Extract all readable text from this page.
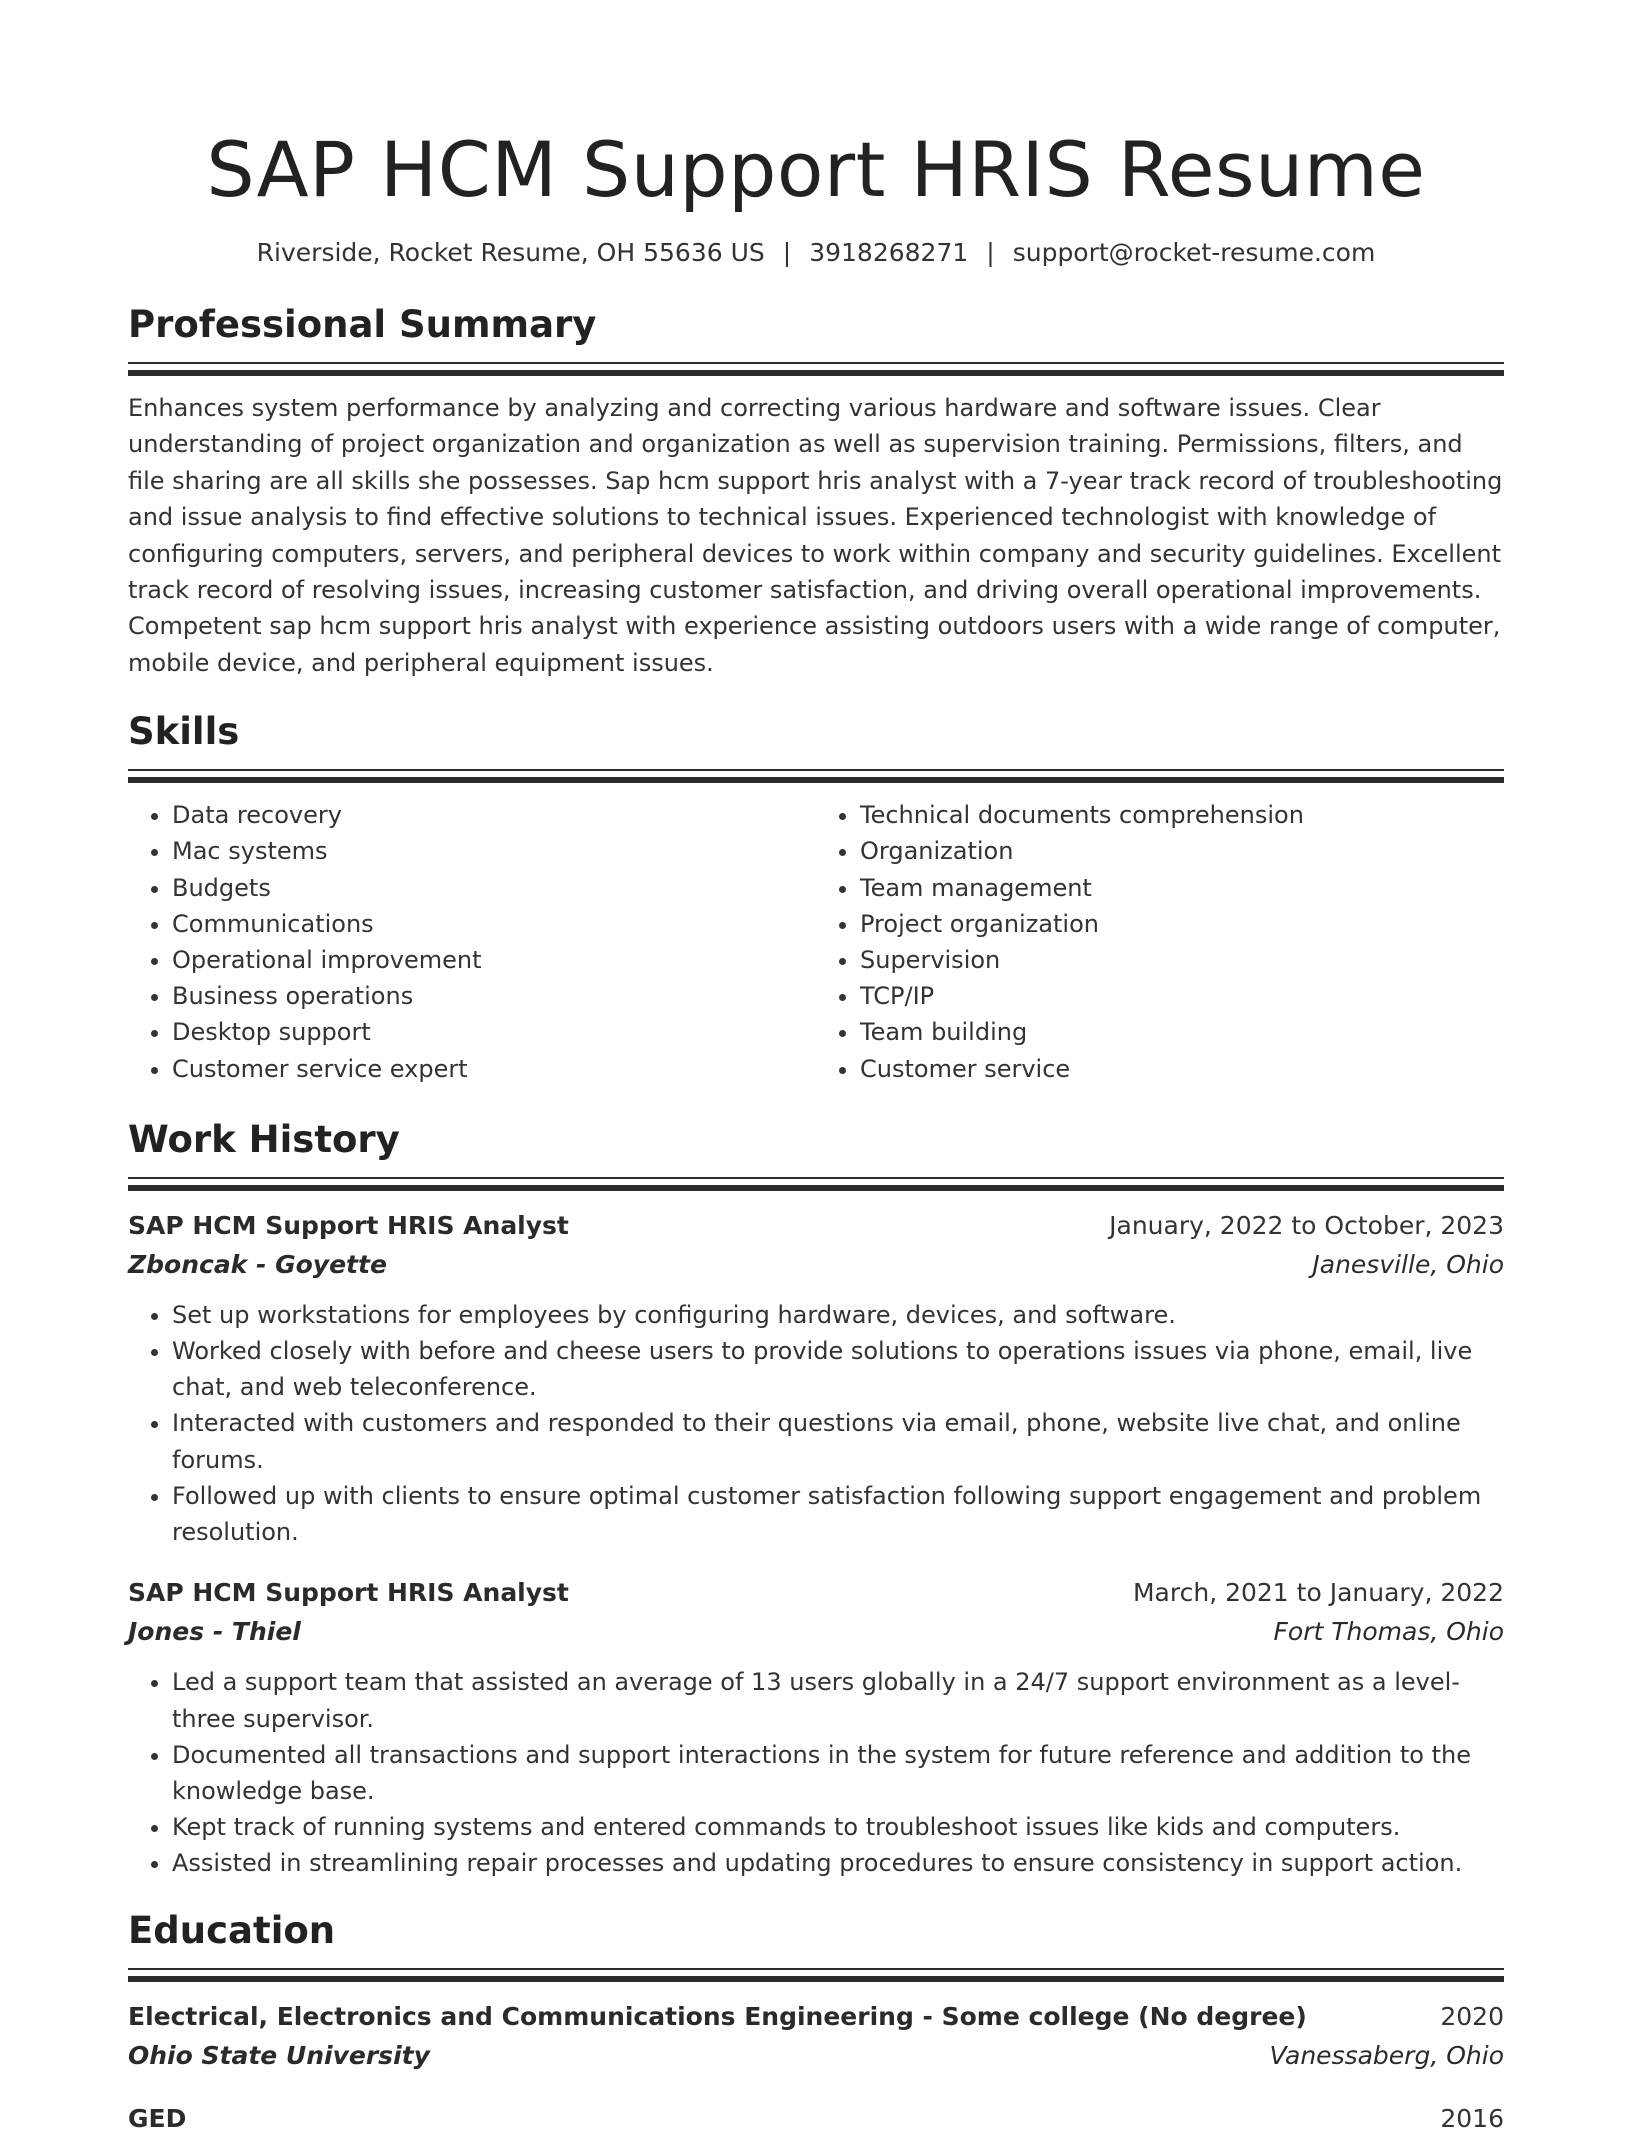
SAP HCM Support HRIS Resume
Riverside, Rocket Resume, OH 55636 US | 3918268271 | support@rocket-resume.com
Professional Summary
Enhances system performance by analyzing and correcting various hardware and software issues. Clear understanding of project organization and organization as well as supervision training. Permissions, filters, and file sharing are all skills she possesses. Sap hcm support hris analyst with a 7-year track record of troubleshooting and issue analysis to find effective solutions to technical issues. Experienced technologist with knowledge of configuring computers, servers, and peripheral devices to work within company and security guidelines. Excellent track record of resolving issues, increasing customer satisfaction, and driving overall operational improvements. Competent sap hcm support hris analyst with experience assisting outdoors users with a wide range of computer, mobile device, and peripheral equipment issues.
Skills
• Data recovery
• Mac systems
• Budgets
• Communications
• Operational improvement
• Business operations
• Desktop support
• Customer service expert
• Technical documents comprehension
• Organization
• Team management
• Project organization
• Supervision
• TCP/IP
• Team building
• Customer service
Work History
SAP HCM Support HRIS Analyst	January, 2022 to October, 2023
Zboncak - Goyette	Janesville, Ohio
• Set up workstations for employees by configuring hardware, devices, and software.
• Worked closely with before and cheese users to provide solutions to operations issues via phone, email, live chat, and web teleconference.
• Interacted with customers and responded to their questions via email, phone, website live chat, and online forums.
• Followed up with clients to ensure optimal customer satisfaction following support engagement and problem resolution.
SAP HCM Support HRIS Analyst	March, 2021 to January, 2022
Jones - Thiel	Fort Thomas, Ohio
• Led a support team that assisted an average of 13 users globally in a 24/7 support environment as a level-three supervisor.
• Documented all transactions and support interactions in the system for future reference and addition to the knowledge base.
• Kept track of running systems and entered commands to troubleshoot issues like kids and computers.
• Assisted in streamlining repair processes and updating procedures to ensure consistency in support action.
Education
Electrical, Electronics and Communications Engineering - Some college (No degree)	2020
Ohio State University	Vanessaberg, Ohio
GED	2016
